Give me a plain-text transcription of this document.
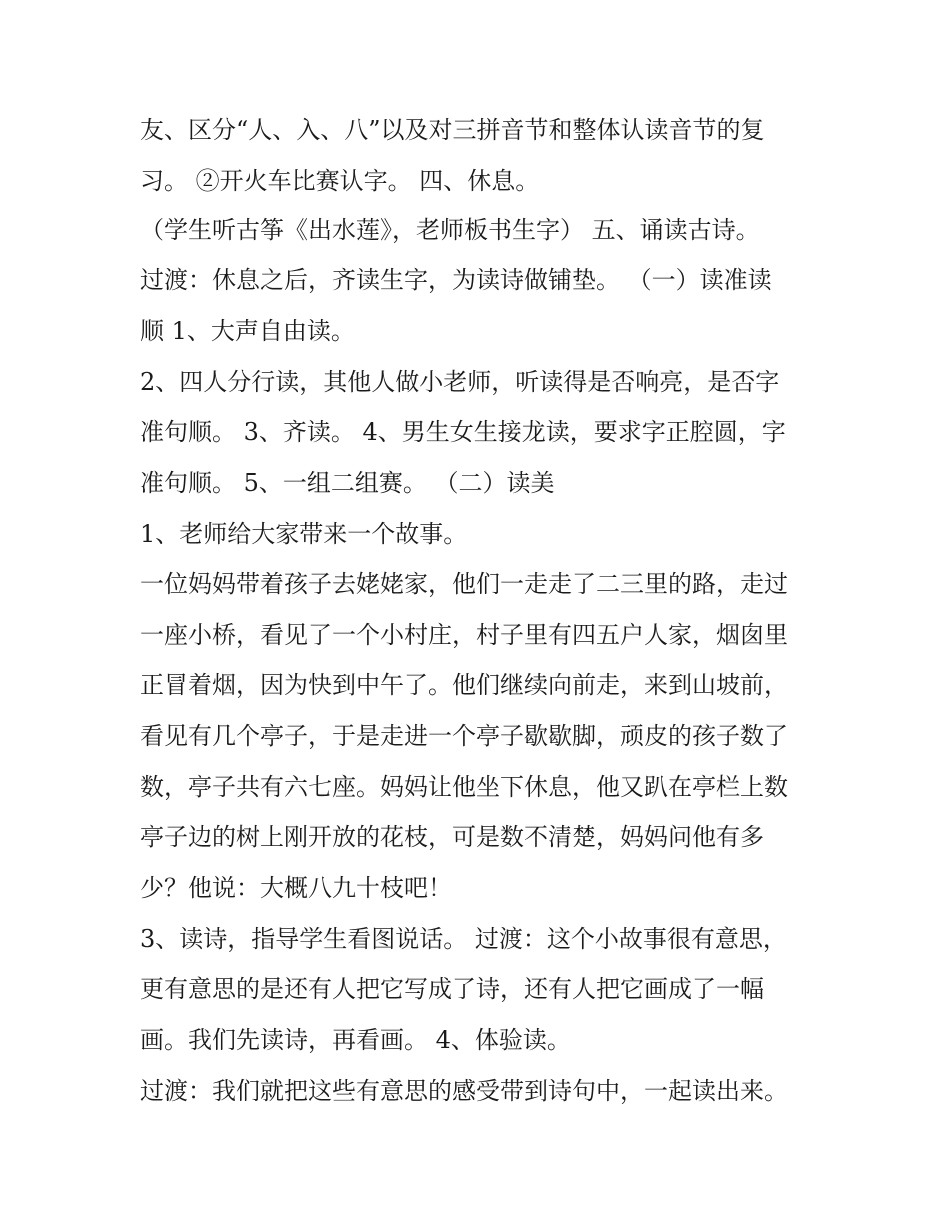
友、区分“人、入、八”以及对三拼音节和整体认读音节的复

习。 ②开火车比赛认字。 四、休息。

（学生听古筝《出水莲》，老师板书生字） 五、诵读古诗。

过渡：休息之后，齐读生字，为读诗做铺垫。 （一）读准读

顺 1、大声自由读。

2、四人分行读，其他人做小老师，听读得是否响亮，是否字

准句顺。 3、齐读。 4、男生女生接龙读，要求字正腔圆，字

准句顺。 5、一组二组赛。 （二）读美

1、老师给大家带来一个故事。

一位妈妈带着孩子去姥姥家，他们一走走了二三里的路，走过

一座小桥，看见了一个小村庄，村子里有四五户人家，烟囱里

正冒着烟，因为快到中午了。他们继续向前走，来到山坡前，

看见有几个亭子，于是走进一个亭子歇歇脚，顽皮的孩子数了

数，亭子共有六七座。妈妈让他坐下休息，他又趴在亭栏上数

亭子边的树上刚开放的花枝，可是数不清楚，妈妈问他有多

少？他说：大概八九十枝吧！

3、读诗，指导学生看图说话。 过渡：这个小故事很有意思，

更有意思的是还有人把它写成了诗，还有人把它画成了一幅

画。我们先读诗，再看画。 4、体验读。

过渡：我们就把这些有意思的感受带到诗句中，一起读出来。
